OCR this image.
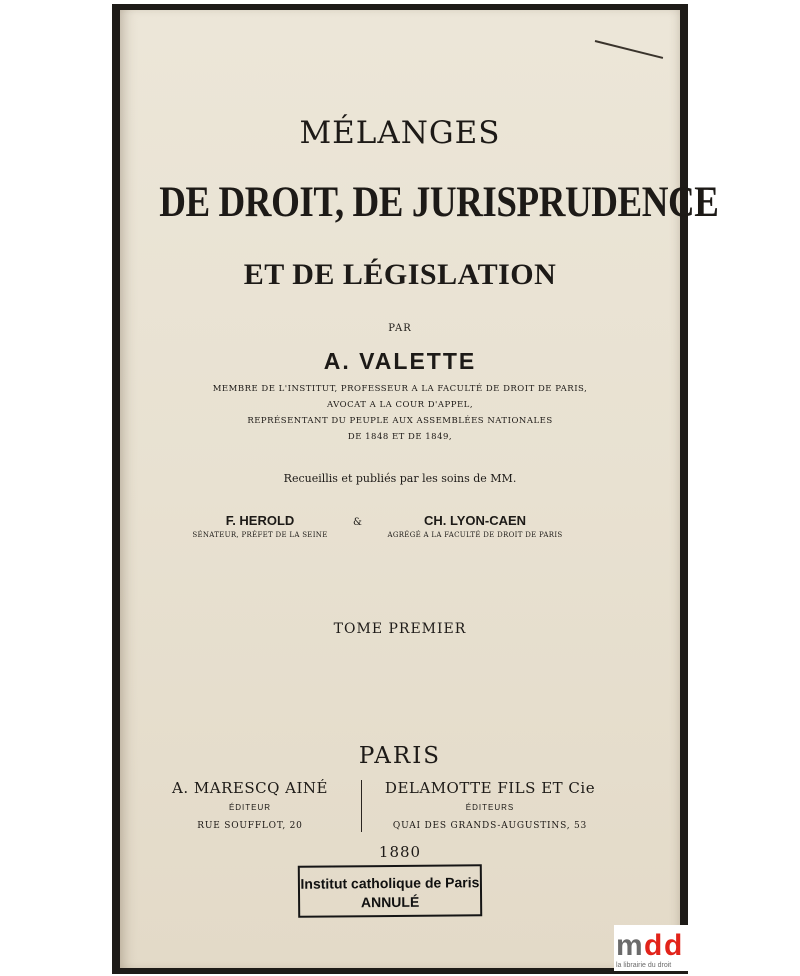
MÉLANGES
DE DROIT, DE JURISPRUDENCE
ET DE LÉGISLATION
PAR
A. VALETTE
MEMBRE DE L'INSTITUT, PROFESSEUR A LA FACULTÉ DE DROIT DE PARIS,
AVOCAT A LA COUR D'APPEL,
REPRÉSENTANT DU PEUPLE AUX ASSEMBLÉES NATIONALES
DE 1848 ET DE 1849,
Recueillis et publiés par les soins de MM.
F. HEROLD
SÉNATEUR, PRÉFET DE LA SEINE
&	CH. LYON-CAEN
AGRÉGÉ A LA FACULTÉ DE DROIT DE PARIS
TOME PREMIER
PARIS
A. MARESCQ AINÉ
ÉDITEUR
RUE SOUFFLOT, 20
DELAMOTTE FILS ET Cie
ÉDITEURS
QUAI DES GRANDS-AUGUSTINS, 53
1880
Institut catholique de Paris
ANNULÉ
m d d
la librairie du droit
